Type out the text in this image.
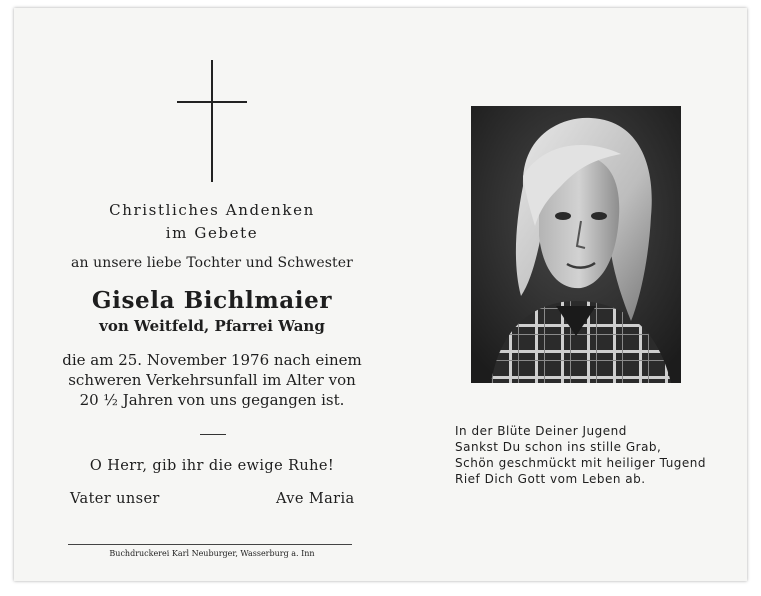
Christliches Andenken
im Gebete
an unsere liebe Tochter und Schwester
Gisela Bichlmaier
von Weitfeld, Pfarrei Wang
die am 25. November 1976 nach einem
schweren Verkehrsunfall im Alter von
20 ½ Jahren von uns gegangen ist.
O Herr, gib ihr die ewige Ruhe!
Vater unser	Ave Maria
Buchdruckerei Karl Neuburger, Wasserburg a. Inn
In der Blüte Deiner Jugend
Sankst Du schon ins stille Grab,
Schön geschmückt mit heiliger Tugend
Rief Dich Gott vom Leben ab.
